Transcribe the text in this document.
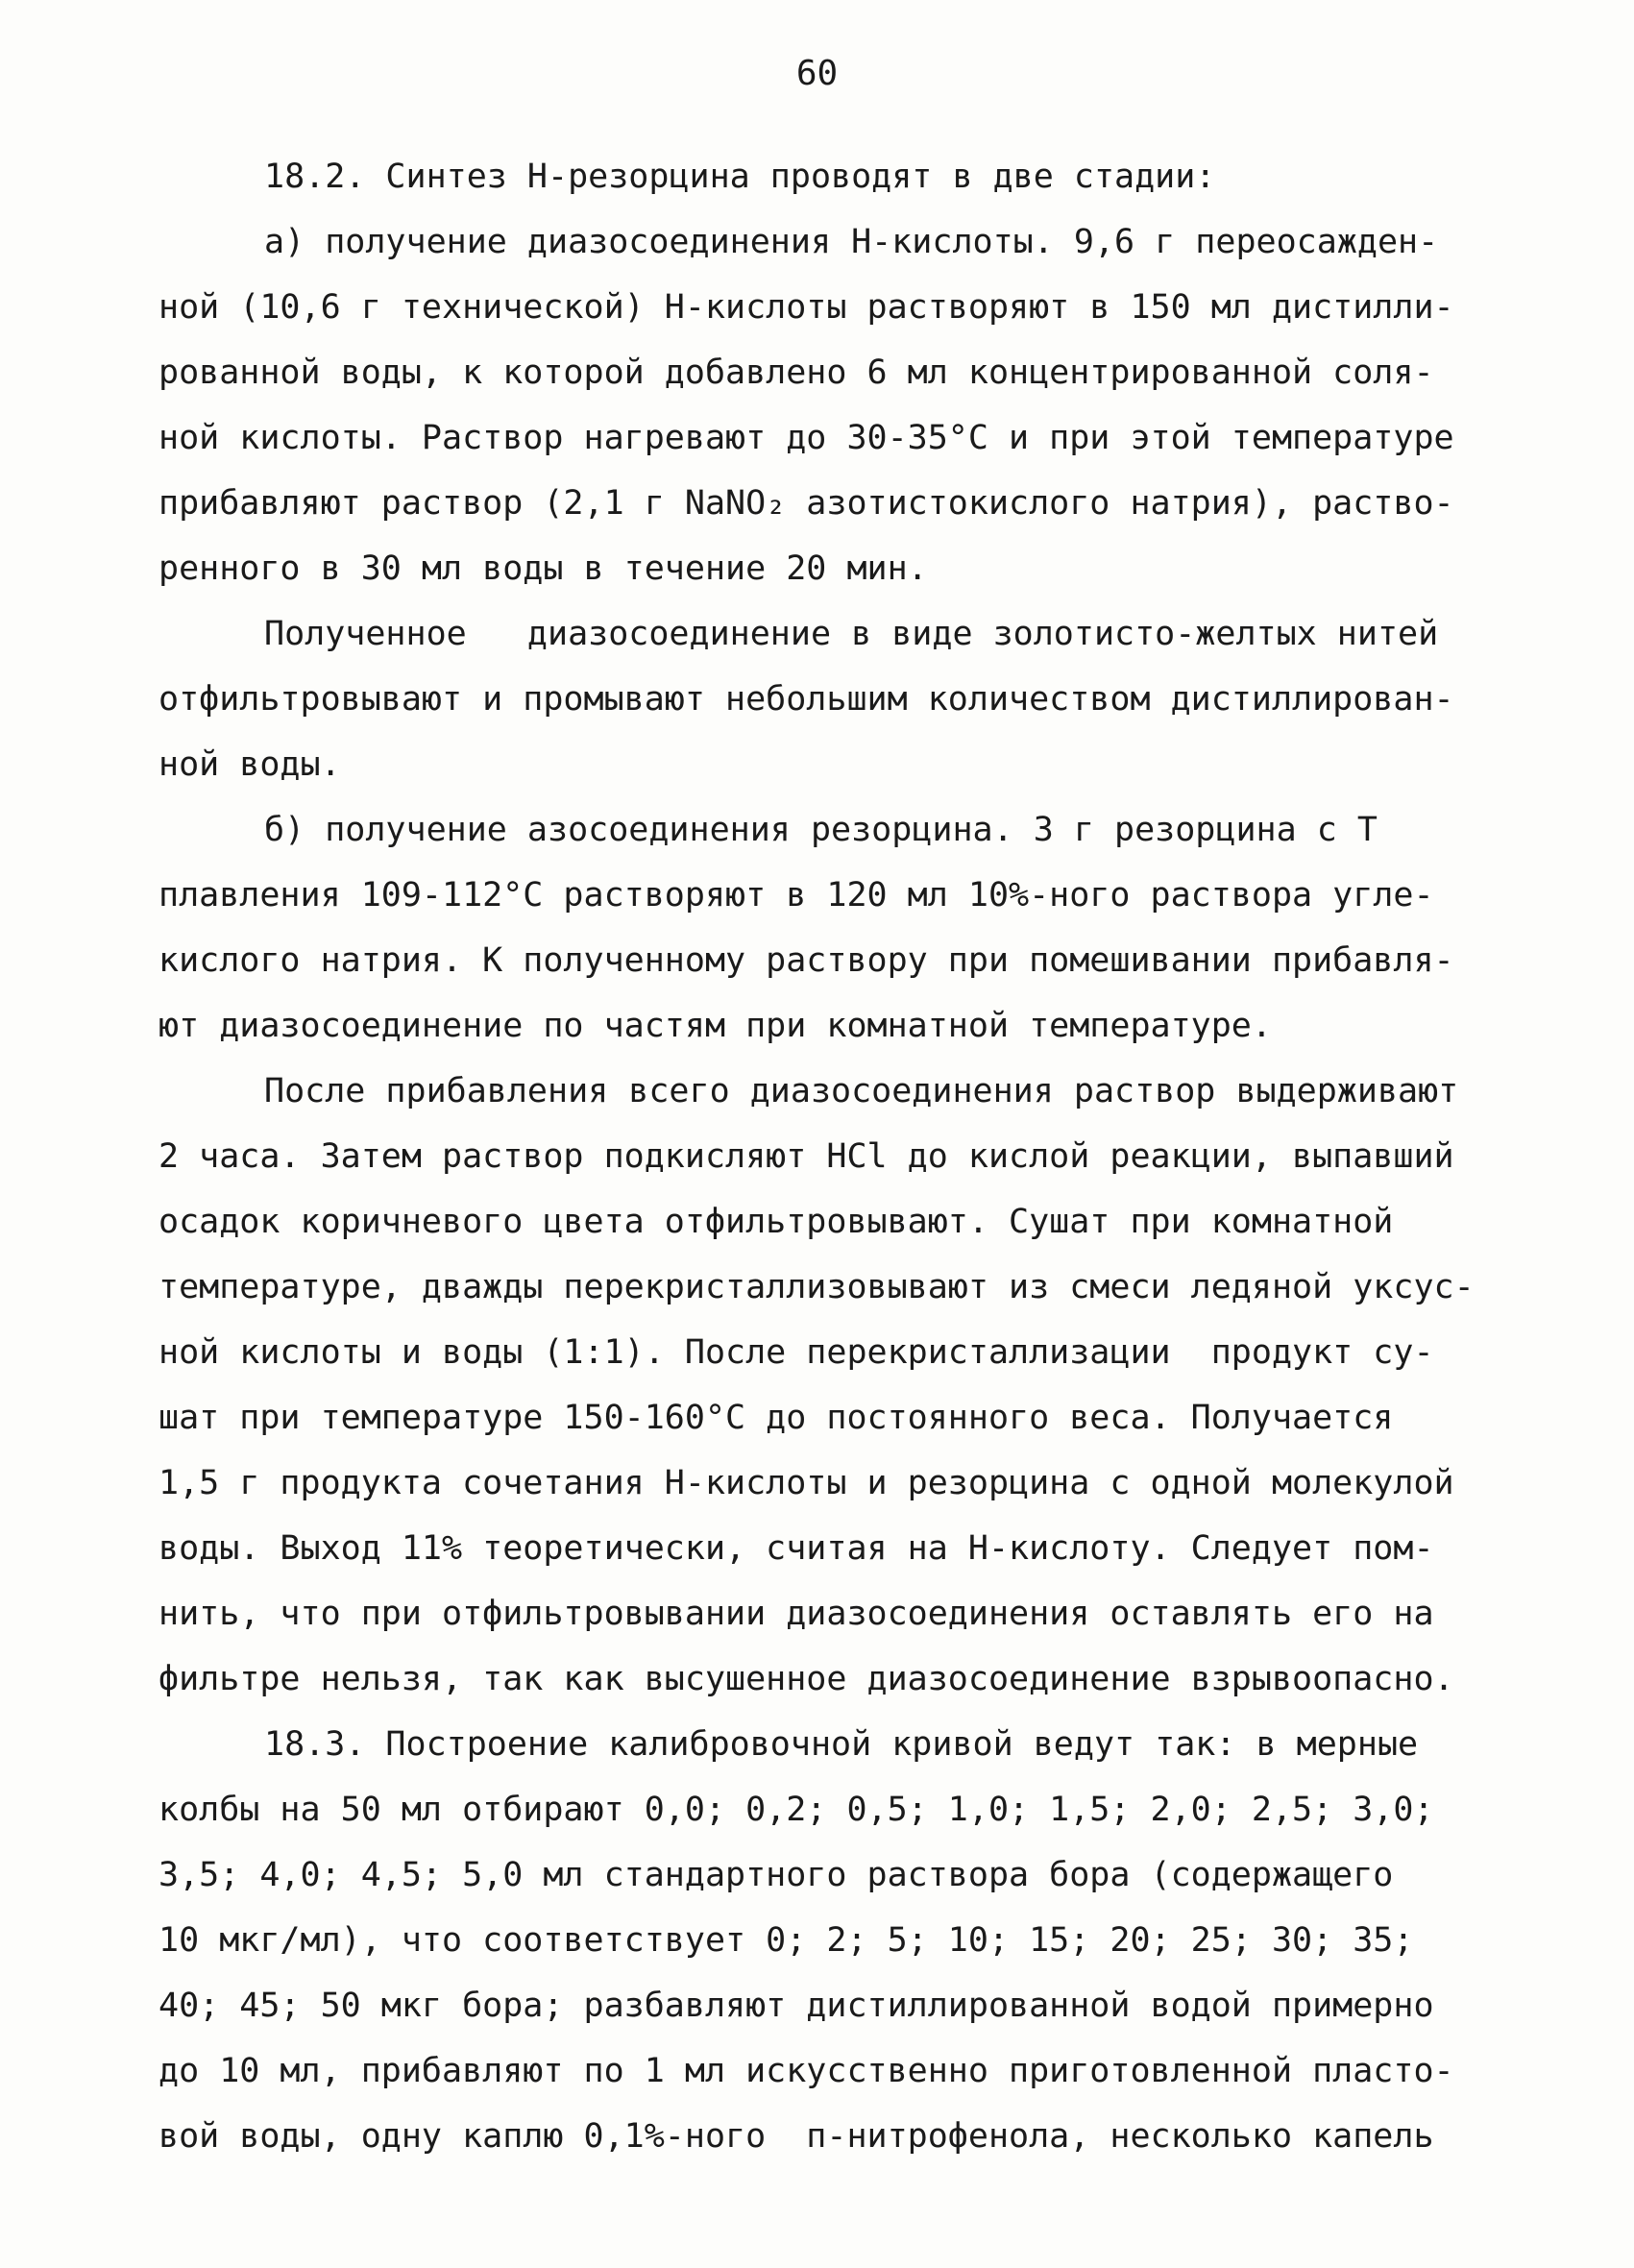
60
18.2. Синтез Н-резорцина проводят в две стадии:
а) получение диазосоединения Н-кислоты. 9,6 г переосажден-
ной (10,6 г технической) Н-кислоты растворяют в 150 мл дистилли-
рованной воды, к которой добавлено 6 мл концентрированной соля-
ной кислоты. Раствор нагревают до 30-35°С и при этой температуре
прибавляют раствор (2,1 г NaNO₂ азотистокислого натрия), раство-
ренного в 30 мл воды в течение 20 мин.
Полученное   диазосоединение в виде золотисто-желтых нитей
отфильтровывают и промывают небольшим количеством дистиллирован-
ной воды.
б) получение азосоединения резорцина. 3 г резорцина с Т
плавления 109-112°С растворяют в 120 мл 10%-ного раствора угле-
кислого натрия. К полученному раствору при помешивании прибавля-
ют диазосоединение по частям при комнатной температуре.
После прибавления всего диазосоединения раствор выдерживают
2 часа. Затем раствор подкисляют НСl до кислой реакции, выпавший
осадок коричневого цвета отфильтровывают. Сушат при комнатной
температуре, дважды перекристаллизовывают из смеси ледяной уксус-
ной кислоты и воды (1:1). После перекристаллизации  продукт су-
шат при температуре 150-160°С до постоянного веса. Получается
1,5 г продукта сочетания Н-кислоты и резорцина с одной молекулой
воды. Выход 11% теоретически, считая на Н-кислоту. Следует пом-
нить, что при отфильтровывании диазосоединения оставлять его на
фильтре нельзя, так как высушенное диазосоединение взрывоопасно.
18.3. Построение калибровочной кривой ведут так: в мерные
колбы на 50 мл отбирают 0,0; 0,2; 0,5; 1,0; 1,5; 2,0; 2,5; 3,0;
3,5; 4,0; 4,5; 5,0 мл стандартного раствора бора (содержащего
10 мкг/мл), что соответствует 0; 2; 5; 10; 15; 20; 25; 30; 35;
40; 45; 50 мкг бора; разбавляют дистиллированной водой примерно
до 10 мл, прибавляют по 1 мл искусственно приготовленной пласто-
вой воды, одну каплю 0,1%-ного  п-нитрофенола, несколько капель
